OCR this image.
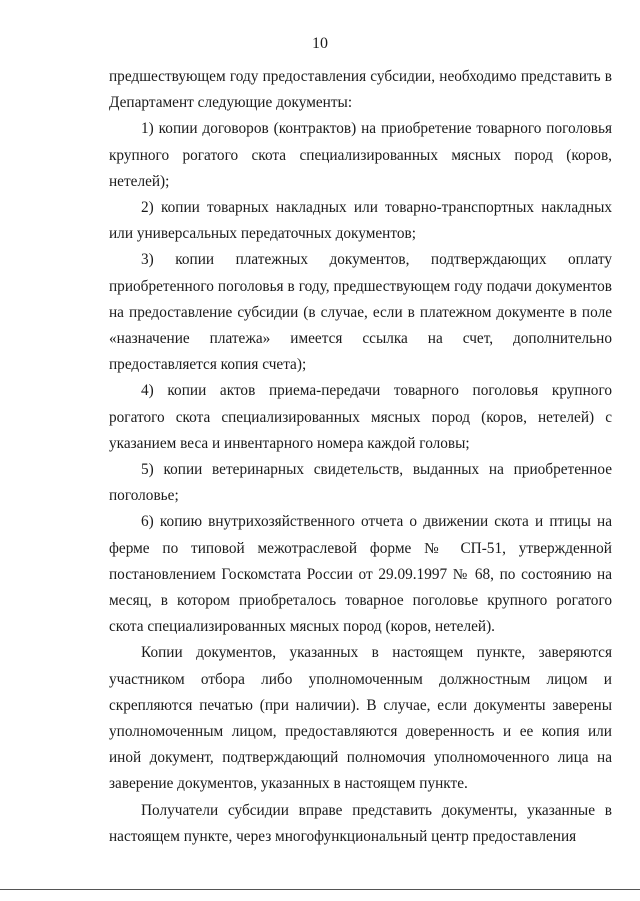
10

предшествующем году предоставления субсидии, необходимо представить в Департамент следующие документы:

1) копии договоров (контрактов) на приобретение товарного поголовья крупного рогатого скота специализированных мясных пород (коров, нетелей);

2) копии товарных накладных или товарно-транспортных накладных или универсальных передаточных документов;

3) копии платежных документов, подтверждающих оплату приобретенного поголовья в году, предшествующем году подачи документов на предоставление субсидии (в случае, если в платежном документе в поле «назначение платежа» имеется ссылка на счет, дополнительно предоставляется копия счета);

4) копии актов приема-передачи товарного поголовья крупного рогатого скота специализированных мясных пород (коров, нетелей) с указанием веса и инвентарного номера каждой головы;

5) копии ветеринарных свидетельств, выданных на приобретенное поголовье;

6) копию внутрихозяйственного отчета о движении скота и птицы на ферме по типовой межотраслевой форме № СП-51, утвержденной постановлением Госкомстата России от 29.09.1997 № 68, по состоянию на месяц, в котором приобреталось товарное поголовье крупного рогатого скота специализированных мясных пород (коров, нетелей).

Копии документов, указанных в настоящем пункте, заверяются участником отбора либо уполномоченным должностным лицом и скрепляются печатью (при наличии). В случае, если документы заверены уполномоченным лицом, предоставляются доверенность и ее копия или иной документ, подтверждающий полномочия уполномоченного лица на заверение документов, указанных в настоящем пункте.

Получатели субсидии вправе представить документы, указанные в настоящем пункте, через многофункциональный центр предоставления
